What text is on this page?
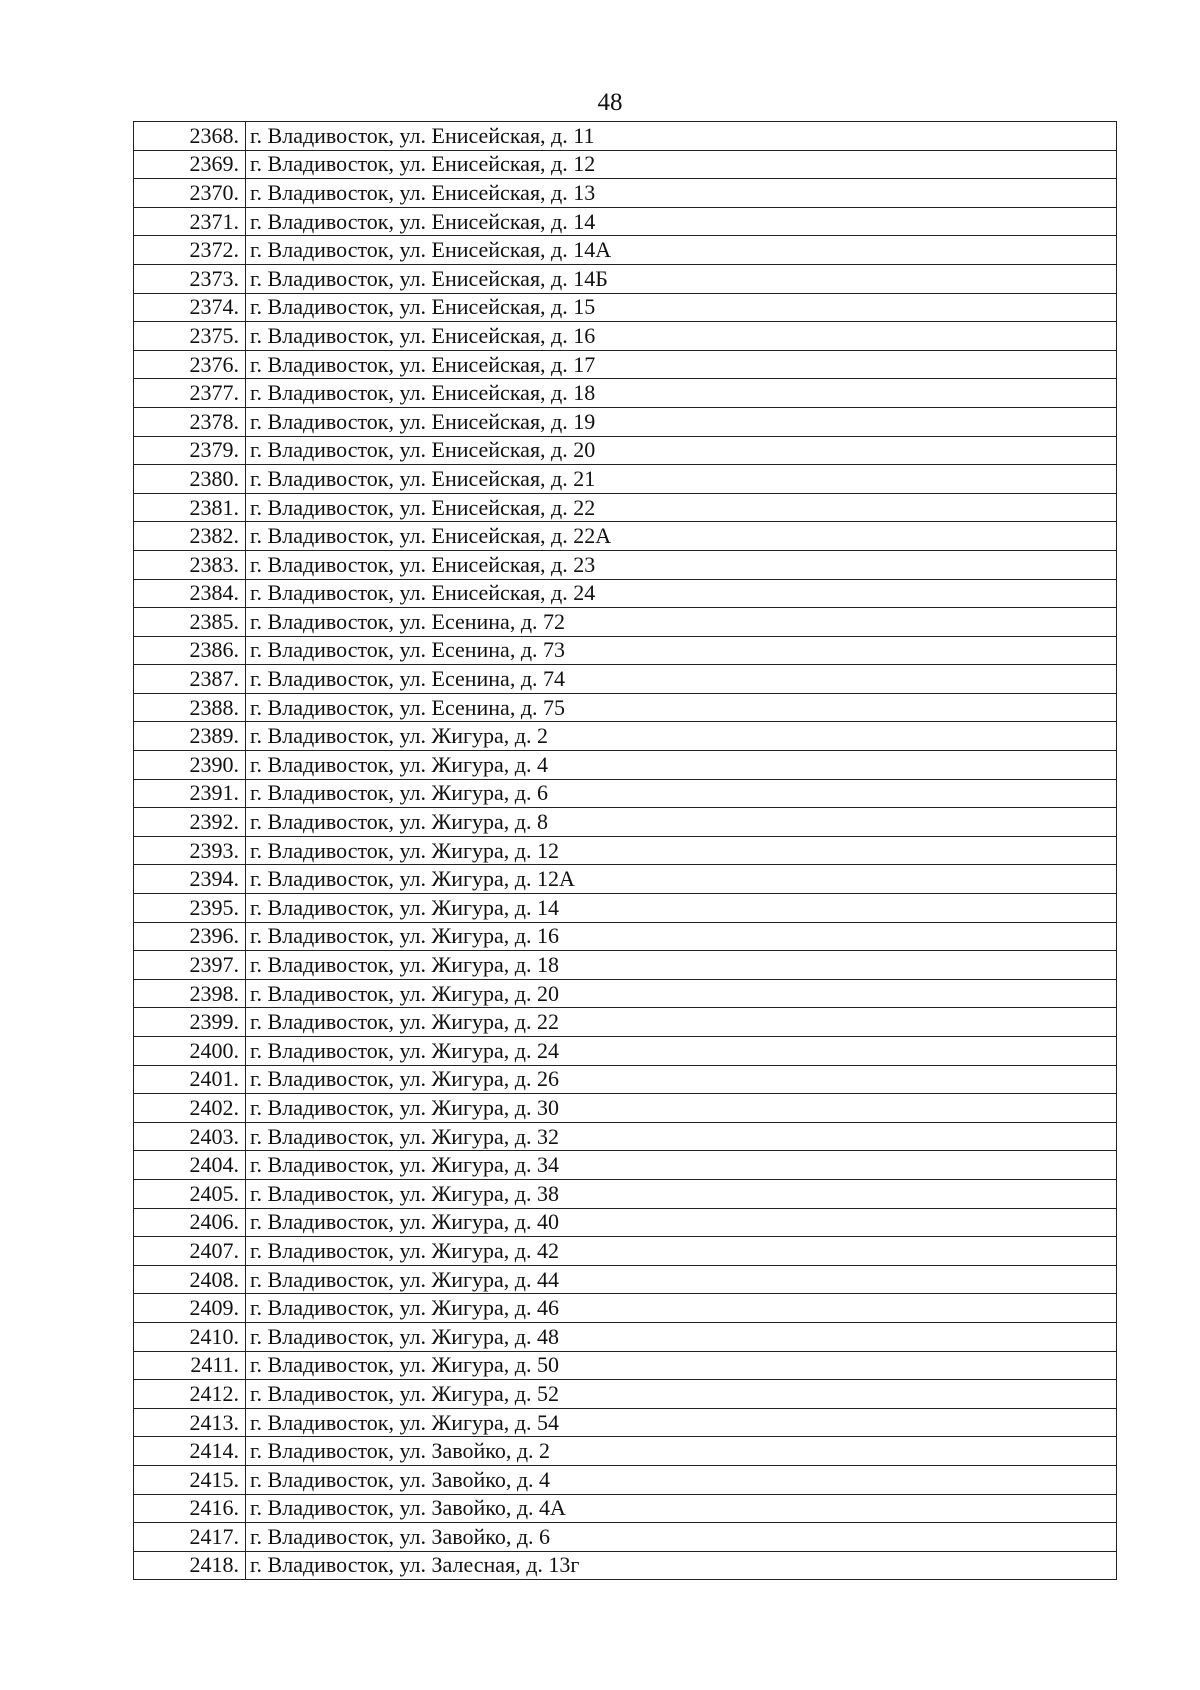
48
2368.	г. Владивосток, ул. Енисейская, д. 11
2369.	г. Владивосток, ул. Енисейская, д. 12
2370.	г. Владивосток, ул. Енисейская, д. 13
2371.	г. Владивосток, ул. Енисейская, д. 14
2372.	г. Владивосток, ул. Енисейская, д. 14А
2373.	г. Владивосток, ул. Енисейская, д. 14Б
2374.	г. Владивосток, ул. Енисейская, д. 15
2375.	г. Владивосток, ул. Енисейская, д. 16
2376.	г. Владивосток, ул. Енисейская, д. 17
2377.	г. Владивосток, ул. Енисейская, д. 18
2378.	г. Владивосток, ул. Енисейская, д. 19
2379.	г. Владивосток, ул. Енисейская, д. 20
2380.	г. Владивосток, ул. Енисейская, д. 21
2381.	г. Владивосток, ул. Енисейская, д. 22
2382.	г. Владивосток, ул. Енисейская, д. 22А
2383.	г. Владивосток, ул. Енисейская, д. 23
2384.	г. Владивосток, ул. Енисейская, д. 24
2385.	г. Владивосток, ул. Есенина, д. 72
2386.	г. Владивосток, ул. Есенина, д. 73
2387.	г. Владивосток, ул. Есенина, д. 74
2388.	г. Владивосток, ул. Есенина, д. 75
2389.	г. Владивосток, ул. Жигура, д. 2
2390.	г. Владивосток, ул. Жигура, д. 4
2391.	г. Владивосток, ул. Жигура, д. 6
2392.	г. Владивосток, ул. Жигура, д. 8
2393.	г. Владивосток, ул. Жигура, д. 12
2394.	г. Владивосток, ул. Жигура, д. 12А
2395.	г. Владивосток, ул. Жигура, д. 14
2396.	г. Владивосток, ул. Жигура, д. 16
2397.	г. Владивосток, ул. Жигура, д. 18
2398.	г. Владивосток, ул. Жигура, д. 20
2399.	г. Владивосток, ул. Жигура, д. 22
2400.	г. Владивосток, ул. Жигура, д. 24
2401.	г. Владивосток, ул. Жигура, д. 26
2402.	г. Владивосток, ул. Жигура, д. 30
2403.	г. Владивосток, ул. Жигура, д. 32
2404.	г. Владивосток, ул. Жигура, д. 34
2405.	г. Владивосток, ул. Жигура, д. 38
2406.	г. Владивосток, ул. Жигура, д. 40
2407.	г. Владивосток, ул. Жигура, д. 42
2408.	г. Владивосток, ул. Жигура, д. 44
2409.	г. Владивосток, ул. Жигура, д. 46
2410.	г. Владивосток, ул. Жигура, д. 48
2411.	г. Владивосток, ул. Жигура, д. 50
2412.	г. Владивосток, ул. Жигура, д. 52
2413.	г. Владивосток, ул. Жигура, д. 54
2414.	г. Владивосток, ул. Завойко, д. 2
2415.	г. Владивосток, ул. Завойко, д. 4
2416.	г. Владивосток, ул. Завойко, д. 4А
2417.	г. Владивосток, ул. Завойко, д. 6
2418.	г. Владивосток, ул. Залесная, д. 13г
